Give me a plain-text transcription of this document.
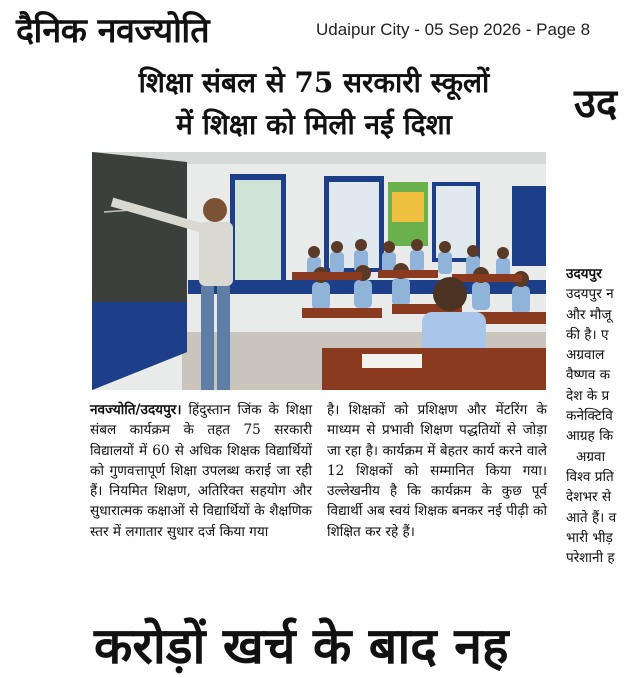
दैनिक नवज्योति	Udaipur City - 05 Sep 2026 - Page 8
शिक्षा संबल से 75 सरकारी स्कूलों
में शिक्षा को मिली नई दिशा	उद

नवज्योति/उदयपुर। हिंदुस्तान जिंक के शिक्षा संबल कार्यक्रम के तहत 75 सरकारी विद्यालयों में 60 से अधिक शिक्षक विद्यार्थियों को गुणवत्तापूर्ण शिक्षा उपलब्ध कराई जा रही हैं। नियमित शिक्षण, अतिरिक्त सहयोग और सुधारात्मक कक्षाओं से विद्यार्थियों के शैक्षणिक स्तर में लगातार सुधार दर्ज किया गया

है। शिक्षकों को प्रशिक्षण और मेंटरिंग के माध्यम से प्रभावी शिक्षण पद्धतियों से जोड़ा जा रहा है। कार्यक्रम में बेहतर कार्य करने वाले 12 शिक्षकों को सम्मानित किया गया। उल्लेखनीय है कि कार्यक्रम के कुछ पूर्व विद्यार्थी अब स्वयं शिक्षक बनकर नई पीढ़ी को शिक्षित कर रहे हैं।

उदयपुर

उदयपुर न

और मौजू

की है। ए

अग्रवाल

वैष्णव क

देश के प्र

कनेक्टिवि

आग्रह कि

अग्रवा

विश्व प्रति

देशभर से

आते हैं। व

भारी भीड़

परेशानी ह

करोड़ों खर्च के बाद नह
